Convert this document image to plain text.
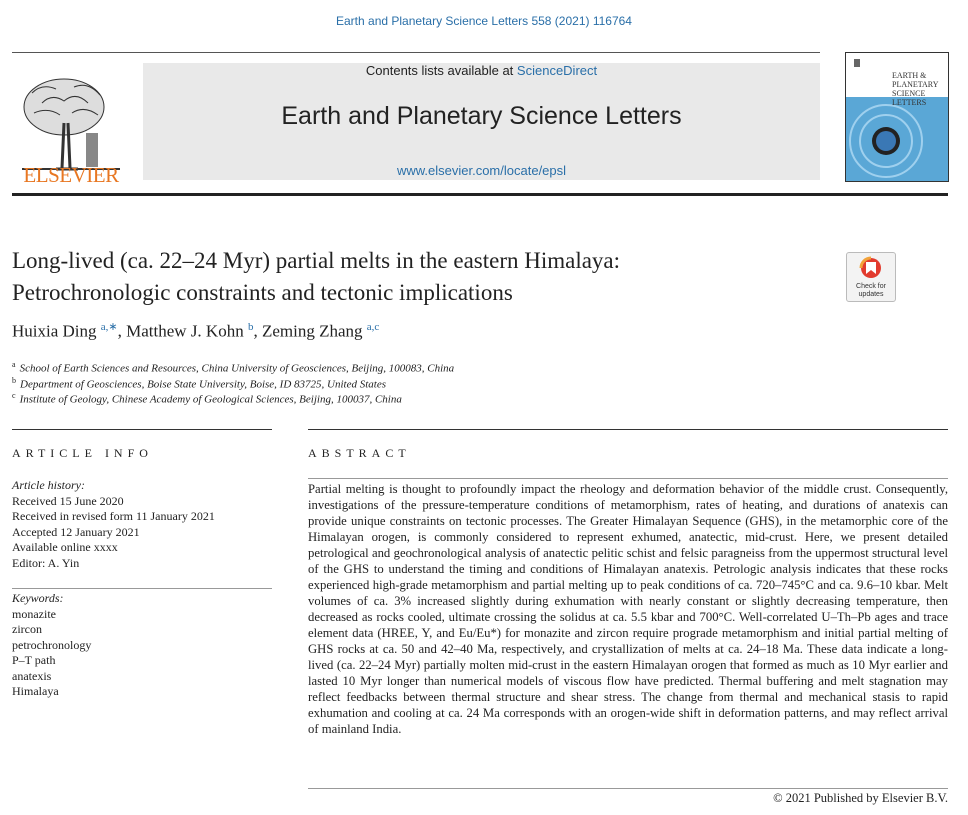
Earth and Planetary Science Letters 558 (2021) 116764
ELSEVIER
Contents lists available at ScienceDirect
Earth and Planetary Science Letters
www.elsevier.com/locate/epsl
EARTH & PLANETARY SCIENCE LETTERS
Long-lived (ca. 22–24 Myr) partial melts in the eastern Himalaya:
Petrochronologic constraints and tectonic implications	Check for updates
Huixia Ding $^{a,∗}$, Matthew J. Kohn $^b$, Zeming Zhang $^{a,c}$
$^a$ School of Earth Sciences and Resources, China University of Geosciences, Beijing, 100083, China
$^b$ Department of Geosciences, Boise State University, Boise, ID 83725, United States
$^c$ Institute of Geology, Chinese Academy of Geological Sciences, Beijing, 100037, China
ARTICLE INFO	ABSTRACT
Article history:
Received 15 June 2020
Received in revised form 11 January 2021
Accepted 12 January 2021
Available online xxxx
Editor: A. Yin
Keywords:
monazite
zircon
petrochronology
P–T path
anatexis
Himalaya
Partial melting is thought to profoundly impact the rheology and deformation behavior of the middle crust. Consequently, investigations of the pressure-temperature conditions of metamorphism, rates of heating, and durations of anatexis can provide unique constraints on tectonic processes. The Greater Himalayan Sequence (GHS), in the metamorphic core of the Himalayan orogen, is commonly considered to represent exhumed, anatectic, mid-crust. Here, we present detailed petrological and geochronological analysis of anatectic pelitic schist and felsic paragneiss from the uppermost structural level of the GHS to understand the timing and conditions of Himalayan anatexis. Petrologic analysis indicates that these rocks experienced high-grade metamorphism and partial melting up to peak conditions of ca. 720–745°C and ca. 9.6–10 kbar. Melt volumes of ca. 3% increased slightly during exhumation with nearly constant or slightly decreasing temperature, then decreased as rocks cooled, ultimate crossing the solidus at ca. 5.5 kbar and 700°C. Well-correlated U–Th–Pb ages and trace element data (HREE, Y, and Eu/Eu*) for monazite and zircon require prograde metamorphism and initial partial melting of GHS rocks at ca. 50 and 42–40 Ma, respectively, and crystallization of melts at ca. 24–18 Ma. These data indicate a long-lived (ca. 22–24 Myr) partially molten mid-crust in the eastern Himalayan orogen that formed as much as 10 Myr earlier and lasted 10 Myr longer than numerical models of viscous flow have predicted. Thermal buffering and melt stagnation may reflect feedbacks between thermal structure and shear stress. The change from thermal and mechanical stasis to rapid exhumation and cooling at ca. 24 Ma corresponds with an orogen-wide shift in deformation patterns, and may reflect arrival of mainland India.
© 2021 Published by Elsevier B.V.
